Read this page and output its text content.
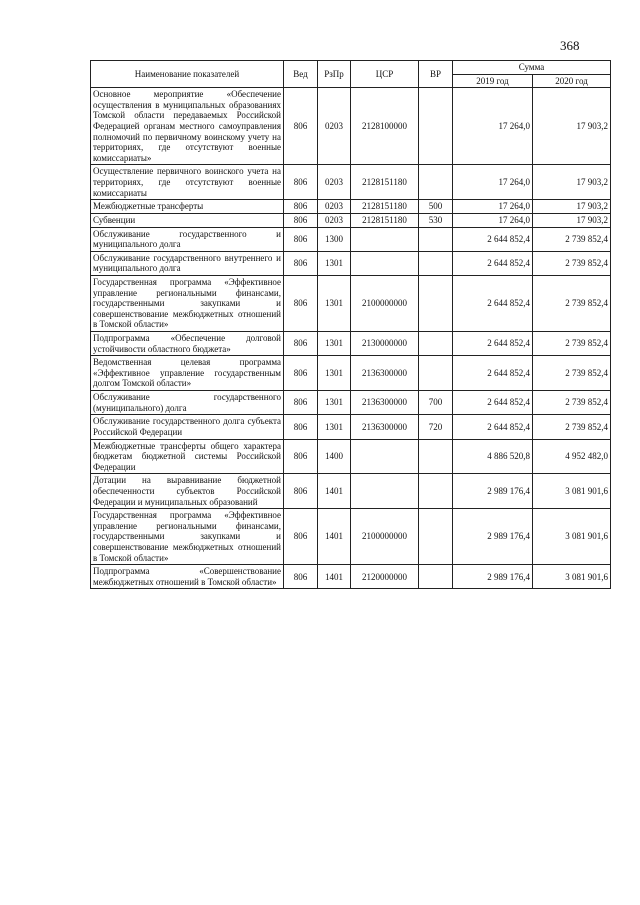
368
Наименование показателей	Вед	РзПр	ЦСР	ВР	Сумма	
					2019 год	2020 год
Основное мероприятие «Обеспечение осуществления в муниципальных образованиях Томской области передаваемых Российской Федерацией органам местного самоуправления полномочий по первичному воинскому учету на территориях, где отсутствуют военные комиссариаты»	806	0203	2128100000		17 264,0	17 903,2
Осуществление первичного воинского учета на территориях, где отсутствуют военные комиссариаты	806	0203	2128151180		17 264,0	17 903,2
Межбюджетные трансферты	806	0203	2128151180	500	17 264,0	17 903,2
Субвенции	806	0203	2128151180	530	17 264,0	17 903,2
Обслуживание государственного и муниципального долга	806	1300			2 644 852,4	2 739 852,4
Обслуживание государственного внутреннего и муниципального долга	806	1301			2 644 852,4	2 739 852,4
Государственная программа «Эффективное управление региональными финансами, государственными закупками и совершенствование межбюджетных отношений в Томской области»	806	1301	2100000000		2 644 852,4	2 739 852,4
Подпрограмма «Обеспечение долговой устойчивости областного бюджета»	806	1301	2130000000		2 644 852,4	2 739 852,4
Ведомственная целевая программа «Эффективное управление государственным долгом Томской области»	806	1301	2136300000		2 644 852,4	2 739 852,4
Обслуживание государственного (муниципального) долга	806	1301	2136300000	700	2 644 852,4	2 739 852,4
Обслуживание государственного долга субъекта Российской Федерации	806	1301	2136300000	720	2 644 852,4	2 739 852,4
Межбюджетные трансферты общего характера бюджетам бюджетной системы Российской Федерации	806	1400			4 886 520,8	4 952 482,0
Дотации на выравнивание бюджетной обеспеченности субъектов Российской Федерации и муниципальных образований	806	1401			2 989 176,4	3 081 901,6
Государственная программа «Эффективное управление региональными финансами, государственными закупками и совершенствование межбюджетных отношений в Томской области»	806	1401	2100000000		2 989 176,4	3 081 901,6
Подпрограмма «Совершенствование межбюджетных отношений в Томской области»	806	1401	2120000000		2 989 176,4	3 081 901,6
